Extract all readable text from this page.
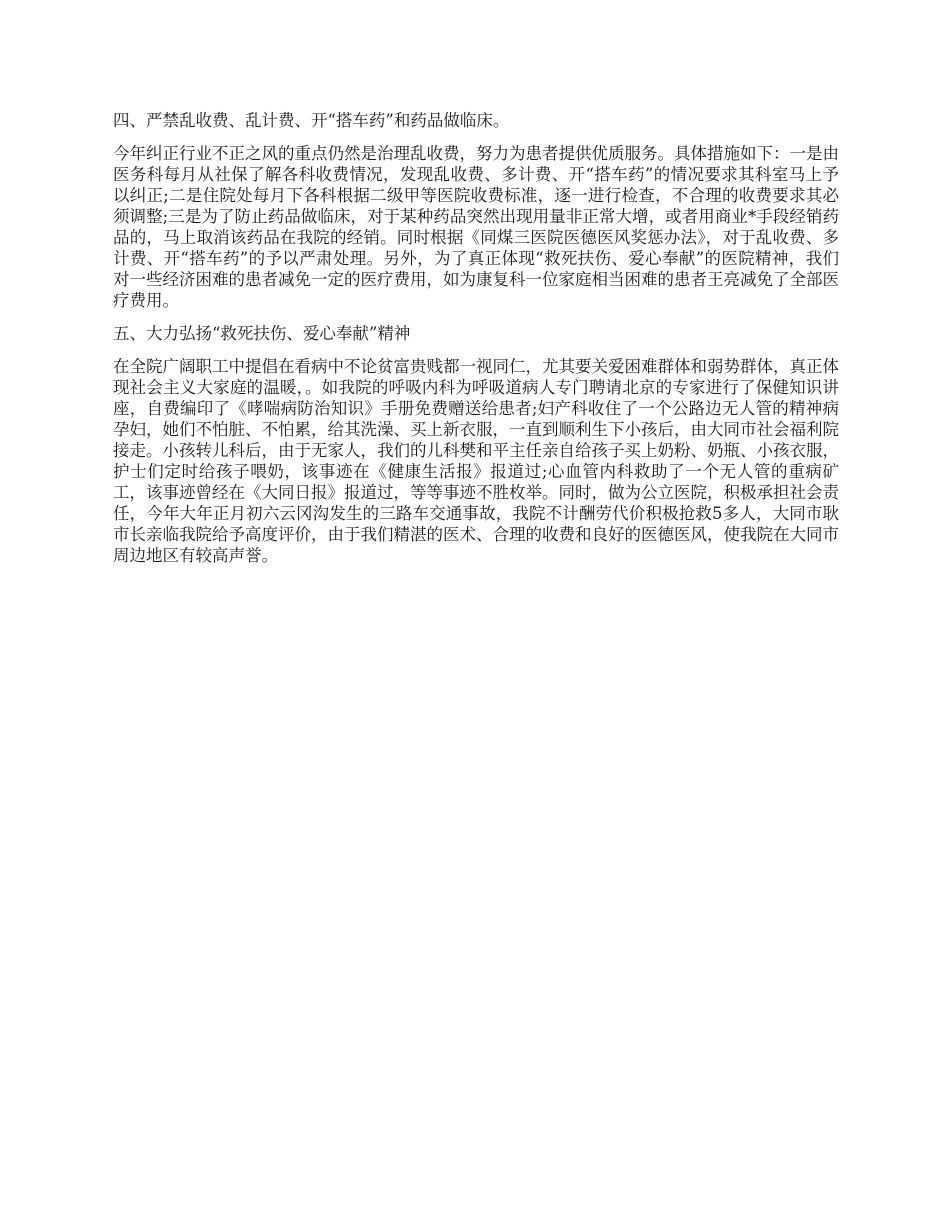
四、严禁乱收费、乱计费、开“搭车药”和药品做临床。

今年纠正行业不正之风的重点仍然是治理乱收费，努力为患者提供优质服务。具体措施如下：一是由医务科每月从社保了解各科收费情况，发现乱收费、多计费、开“搭车药”的情况要求其科室马上予以纠正;二是住院处每月下各科根据二级甲等医院收费标准，逐一进行检查，不合理的收费要求其必须调整;三是为了防止药品做临床，对于某种药品突然出现用量非正常大增，或者用商业*手段经销药品的，马上取消该药品在我院的经销。同时根据《同煤三医院医德医风奖惩办法》，对于乱收费、多计费、开“搭车药”的予以严肃处理。另外，为了真正体现“救死扶伤、爱心奉献”的医院精神，我们对一些经济困难的患者减免一定的医疗费用，如为康复科一位家庭相当困难的患者王亮减免了全部医疗费用。

五、大力弘扬“救死扶伤、爱心奉献”精神

在全院广阔职工中提倡在看病中不论贫富贵贱都一视同仁，尤其要关爱困难群体和弱势群体，真正体现社会主义大家庭的温暖，。如我院的呼吸内科为呼吸道病人专门聘请北京的专家进行了保健知识讲座，自费编印了《哮喘病防治知识》手册免费赠送给患者;妇产科收住了一个公路边无人管的精神病孕妇，她们不怕脏、不怕累，给其洗澡、买上新衣服，一直到顺利生下小孩后，由大同市社会福利院接走。小孩转儿科后，由于无家人，我们的儿科樊和平主任亲自给孩子买上奶粉、奶瓶、小孩衣服，护士们定时给孩子喂奶，该事迹在《健康生活报》报道过;心血管内科救助了一个无人管的重病矿工，该事迹曾经在《大同日报》报道过，等等事迹不胜枚举。同时，做为公立医院，积极承担社会责任，今年大年正月初六云冈沟发生的三路车交通事故，我院不计酬劳代价积极抢救5多人，大同市耿市长亲临我院给予高度评价，由于我们精湛的医术、合理的收费和良好的医德医风，使我院在大同市周边地区有较高声誉。
